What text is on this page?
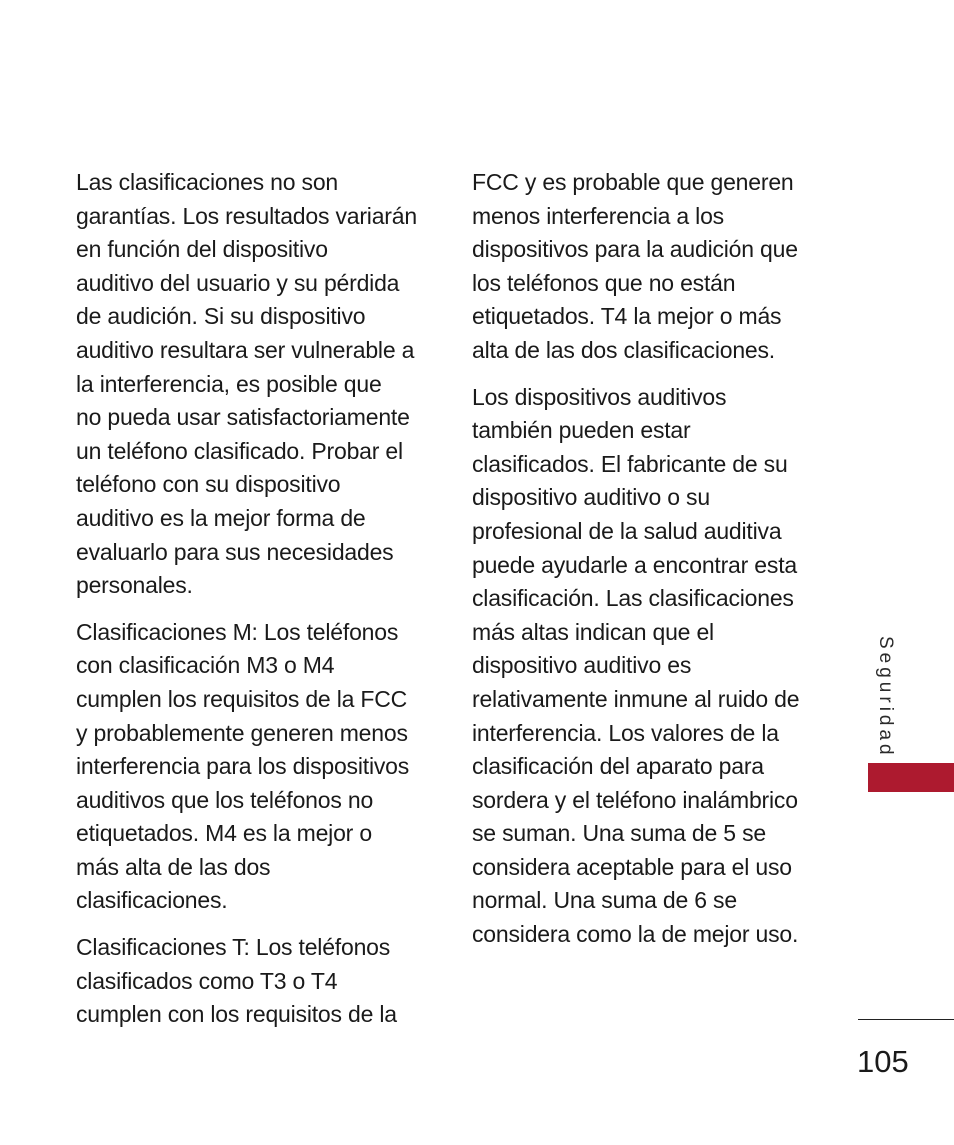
Las clasificaciones no son
garantías. Los resultados variarán
en función del dispositivo
auditivo del usuario y su pérdida
de audición. Si su dispositivo
auditivo resultara ser vulnerable a
la interferencia, es posible que
no pueda usar satisfactoriamente
un teléfono clasificado. Probar el
teléfono con su dispositivo
auditivo es la mejor forma de
evaluarlo para sus necesidades
personales.

Clasificaciones M: Los teléfonos
con clasificación M3 o M4
cumplen los requisitos de la FCC
y probablemente generen menos
interferencia para los dispositivos
auditivos que los teléfonos no
etiquetados. M4 es la mejor o
más alta de las dos
clasificaciones.

Clasificaciones T: Los teléfonos
clasificados como T3 o T4
cumplen con los requisitos de la

FCC y es probable que generen
menos interferencia a los
dispositivos para la audición que
los teléfonos que no están
etiquetados. T4 la mejor o más
alta de las dos clasificaciones.

Los dispositivos auditivos
también pueden estar
clasificados. El fabricante de su
dispositivo auditivo o su
profesional de la salud auditiva
puede ayudarle a encontrar esta
clasificación. Las clasificaciones
más altas indican que el
dispositivo auditivo es
relativamente inmune al ruido de
interferencia. Los valores de la
clasificación del aparato para
sordera y el teléfono inalámbrico
se suman. Una suma de 5 se
considera aceptable para el uso
normal. Una suma de 6 se
considera como la de mejor uso.

Seguridad
105
